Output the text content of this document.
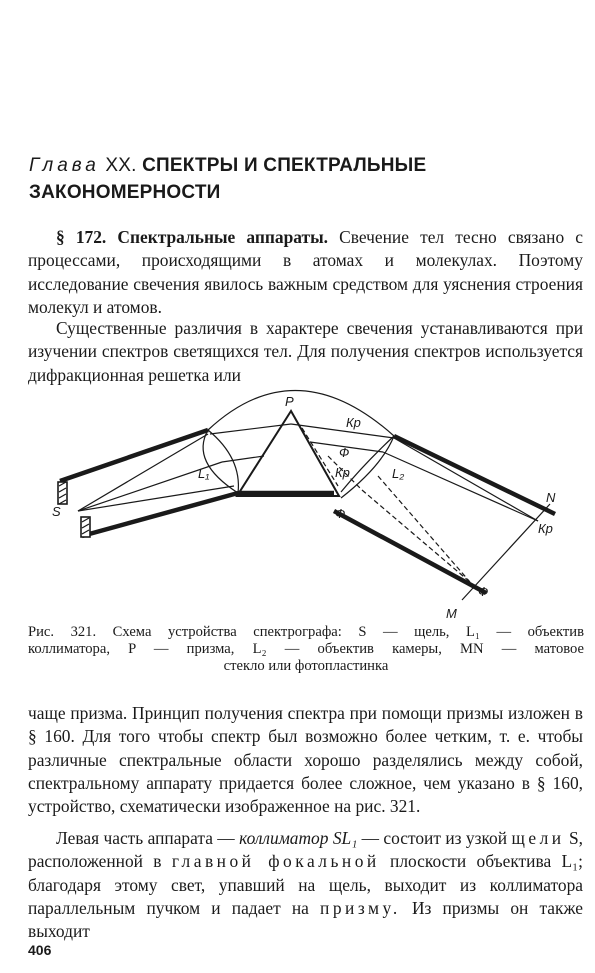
Глава XX. СПЕКТРЫ И СПЕКТРАЛЬНЫЕ
ЗАКОНОМЕРНОСТИ

§ 172. Спектральные аппараты. Свечение тел тесно связано с процессами, происходящими в атомах и молекулах. Поэтому исследование свечения явилось важным средством для уяснения строения молекул и атомов.

Существенные различия в характере свечения устанавливаются при изучении спектров светящихся тел. Для получения спектров используется дифракционная решетка или

P
Кр
Ф
Кр
Ф
L₁	L₂
S
N
Кр
M
Ф
Рис. 321. Схема устройства спектрографа: S — щель, L₁ — объектив
коллиматора, P — призма, L₂ — объектив камеры, MN — матовое
стекло или фотопластинка

чаще призма. Принцип получения спектра при помощи призмы изложен в § 160. Для того чтобы спектр был возможно более четким, т. е. чтобы различные спектральные области хорошо разделялись между собой, спектральному аппарату придается более сложное, чем указано в § 160, устройство, схематически изображенное на рис. 321.

Левая часть аппарата — коллиматор SL₁ — состоит из узкой щели S, расположенной в главной фокальной плоскости объектива L₁; благодаря этому свет, упавший на щель, выходит из коллиматора параллельным пучком и падает на призму. Из призмы он также выходит

406
